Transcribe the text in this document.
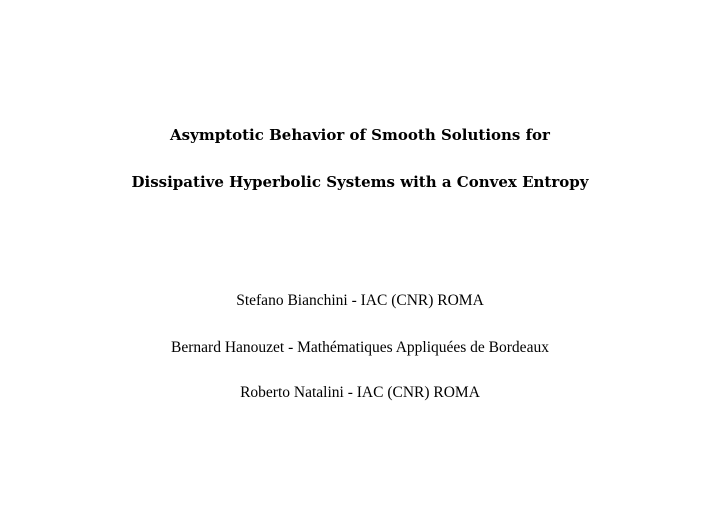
Asymptotic Behavior of Smooth Solutions for
Dissipative Hyperbolic Systems with a Convex Entropy
Stefano Bianchini - IAC (CNR) ROMA
Bernard Hanouzet - Mathématiques Appliquées de Bordeaux
Roberto Natalini - IAC (CNR) ROMA
